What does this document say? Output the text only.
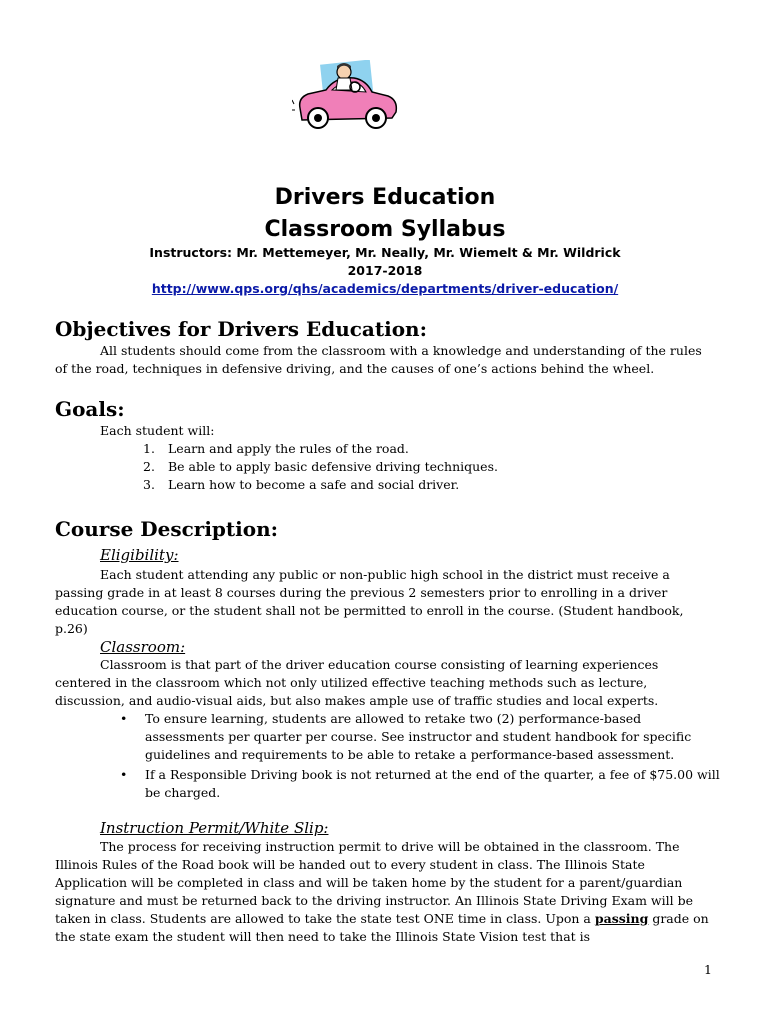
Drivers Education
Classroom Syllabus
Instructors: Mr. Mettemeyer, Mr. Neally, Mr. Wiemelt & Mr. Wildrick
2017-2018
http://www.qps.org/qhs/academics/departments/driver-education/
Objectives for Drivers Education:
All students should come from the classroom with a knowledge and understanding of the rules of the road, techniques in defensive driving, and the causes of one’s actions behind the wheel.
Goals:
Each student will:
1. Learn and apply the rules of the road.
2. Be able to apply basic defensive driving techniques.
3. Learn how to become a safe and social driver.
Course Description:
Eligibility:
Each student attending any public or non-public high school in the district must receive a passing grade in at least 8 courses during the previous 2 semesters prior to enrolling in a driver education course, or the student shall not be permitted to enroll in the course. (Student handbook, p.26)
Classroom:
Classroom is that part of the driver education course consisting of learning experiences centered in the classroom which not only utilized effective teaching methods such as lecture, discussion, and audio-visual aids, but also makes ample use of traffic studies and local experts.
• To ensure learning, students are allowed to retake two (2) performance-based assessments per quarter per course. See instructor and student handbook for specific guidelines and requirements to be able to retake a performance-based assessment.
• If a Responsible Driving book is not returned at the end of the quarter, a fee of $75.00 will be charged.
Instruction Permit/White Slip:
The process for receiving instruction permit to drive will be obtained in the classroom. The Illinois Rules of the Road book will be handed out to every student in class. The Illinois State Application will be completed in class and will be taken home by the student for a parent/guardian signature and must be returned back to the driving instructor. An Illinois State Driving Exam will be taken in class. Students are allowed to take the state test ONE time in class. Upon a passing grade on the state exam the student will then need to take the Illinois State Vision test that is
1
